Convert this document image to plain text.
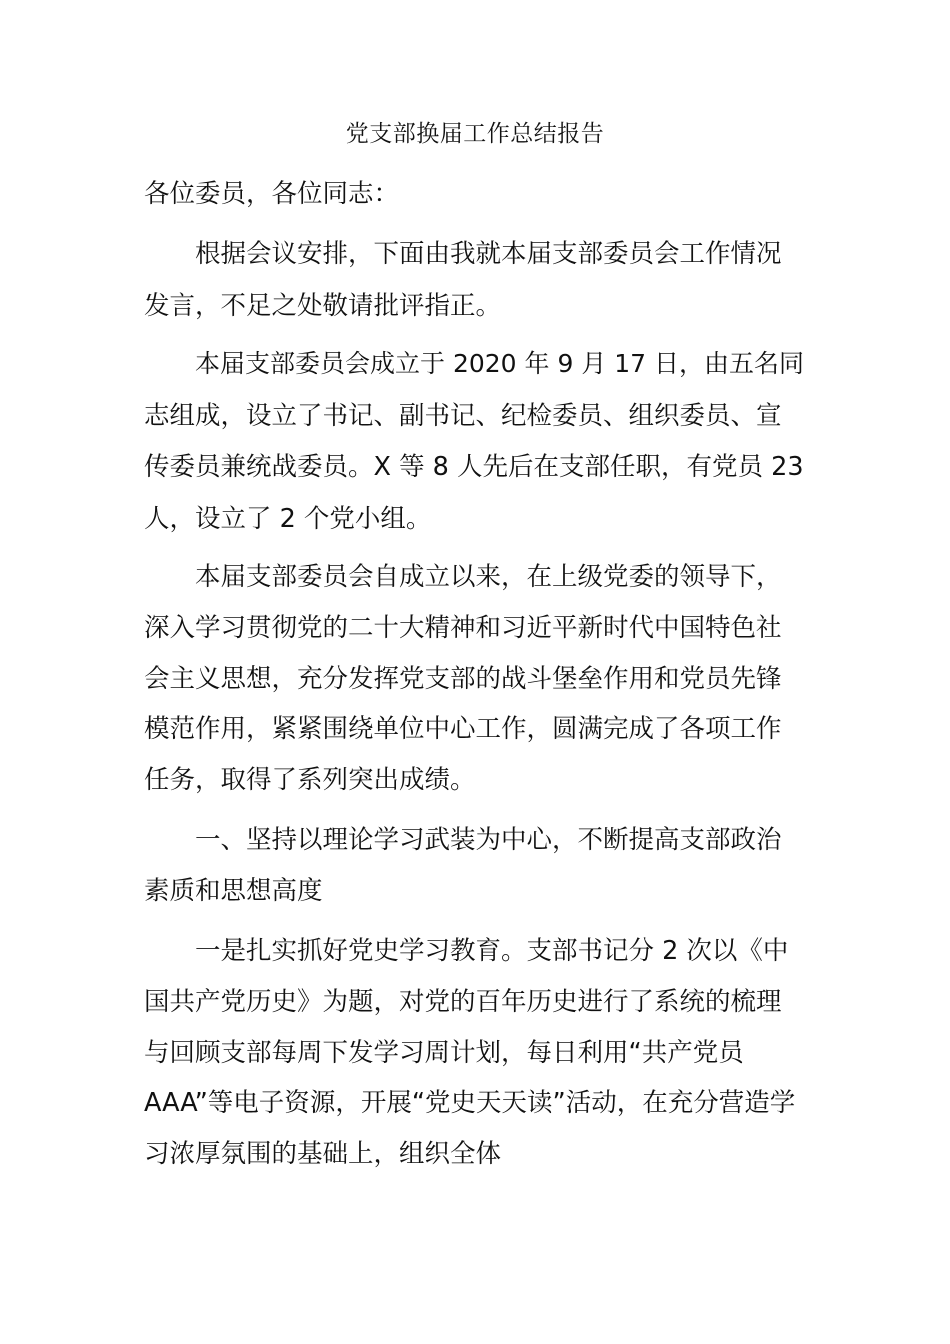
党支部换届工作总结报告
各位委员，各位同志：
根据会议安排，下面由我就本届支部委员会工作情况
发言，不足之处敬请批评指正。
本届支部委员会成立于 2020 年 9 月 17 日，由五名同
志组成，设立了书记、副书记、纪检委员、组织委员、宣
传委员兼统战委员。X 等 8 人先后在支部任职，有党员 23
人，设立了 2 个党小组。
本届支部委员会自成立以来，在上级党委的领导下，
深入学习贯彻党的二十大精神和习近平新时代中国特色社
会主义思想，充分发挥党支部的战斗堡垒作用和党员先锋
模范作用，紧紧围绕单位中心工作，圆满完成了各项工作
任务，取得了系列突出成绩。
一、坚持以理论学习武装为中心，不断提高支部政治
素质和思想高度
一是扎实抓好党史学习教育。支部书记分 2 次以《中
国共产党历史》为题，对党的百年历史进行了系统的梳理
与回顾支部每周下发学习周计划，每日利用“共产党员
AAA”等电子资源，开展“党史天天读”活动，在充分营造学
习浓厚氛围的基础上，组织全体
